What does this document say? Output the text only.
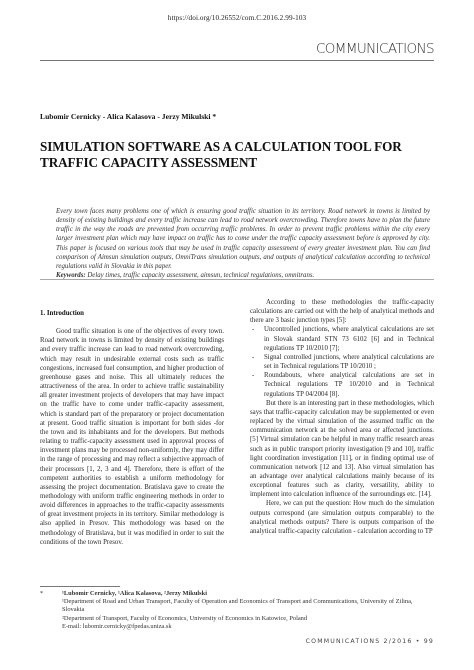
https://doi.org/10.26552/com.C.2016.2.99-103
COMMUNICATIONS
Lubomir Cernicky - Alica Kalasova - Jerzy Mikulski *
SIMULATION SOFTWARE AS A CALCULATION TOOL FOR TRAFFIC CAPACITY ASSESSMENT

Every town faces many problems one of which is ensuring good traffic situation in its territory. Road network in towns is limited by density of existing buildings and every traffic increase can lead to road network overcrowding. Therefore towns have to plan the future traffic in the way the roads are prevented from occurring traffic problems. In order to prevent traffic problems within the city every larger investment plan which may have impact on traffic has to come under the traffic capacity assessment before is approved by city. This paper is focused on various tools that may be used in traffic capacity assessment of every greater investment plan. You can find comparison of Aimsun simulation outputs, OmniTrans simulation outputs, and outputs of analytical calculation according to technical regulations valid in Slovakia in this paper.

Keywords: Delay times, traffic capacity assessment, aimsun, technical regulations, omnitrans.

1. Introduction

Good traffic situation is one of the objectives of every town. Road network in towns is limited by density of existing buildings and every traffic increase can lead to road network overcrowding, which may result in undesirable external costs such as traffic congestions, increased fuel consumption, and higher production of greenhouse gases and noise. This all ultimately reduces the attractiveness of the area. In order to achieve traffic sustainability all greater investment projects of developers that may have impact on the traffic have to come under traffic-capacity assessment, which is standard part of the preparatory or project documentation at present. Good traffic situation is important for both sides -for the town and its inhabitants and for the developers. But methods relating to traffic-capacity assessment used in approval process of investment plans may be processed non-uniformly, they may differ in the range of processing and may reflect a subjective approach of their processors [1, 2, 3 and 4]. Therefore, there is effort of the competent authorities to establish a uniform methodology for assessing the project documentation. Bratislava gave to create the methodology with uniform traffic engineering methods in order to avoid differences in approaches to the traffic-capacity assessments of great investment projects in its territory. Similar methodology is also applied in Presov. This methodology was based on the methodology of Bratislava, but it was modified in order to suit the conditions of the town Presov.

According to these methodologies the traffic-capacity calculations are carried out with the help of analytical methods and there are 3 basic junction types [5]:

- Uncontrolled junctions, where analytical calculations are set in Slovak standard STN 73 6102 [6] and in Technical regulations TP 10/2010 [7];

- Signal controlled junctions, where analytical calculations are set in Technical regulations TP 10/2010 ;

- Roundabouts, where analytical calculations are set in Technical regulations TP 10/2010 and in Technical regulations TP 04/2004 [8].

But there is an interesting part in these methodologies, which says that traffic-capacity calculation may be supplemented or even replaced by the virtual simulation of the assumed traffic on the communication network at the solved area or affected junctions. [5] Virtual simulation can be helpful in many traffic research areas such as in public transport priority investigation [9 and 10], traffic light coordination investigation [11], or in finding optimal use of communication network [12 and 13]. Also virtual simulation has an advantage over analytical calculations mainly because of its exceptional features such as clarity, versatility, ability to implement into calculation influence of the surroundings etc. [14].

Here, we can put the question: How much do the simulation outputs correspond (are simulation outputs comparable) to the analytical methods outputs? There is outputs comparison of the analytical traffic-capacity calculation - calculation according to TP

*	¹Lubomir Cernicky, ¹Alica Kalasova, ²Jerzy Mikulski
¹Department of Road and Urban Transport, Faculty of Operation and Economics of Transport and Communications, University of Zilina, Slovakia
²Department of Transport, Faculty of Economics, University of Economics in Katowice, Poland
E-mail: lubomir.cernicky@fpedas.uniza.sk
COMMUNICATIONS 2/2016 • 99
